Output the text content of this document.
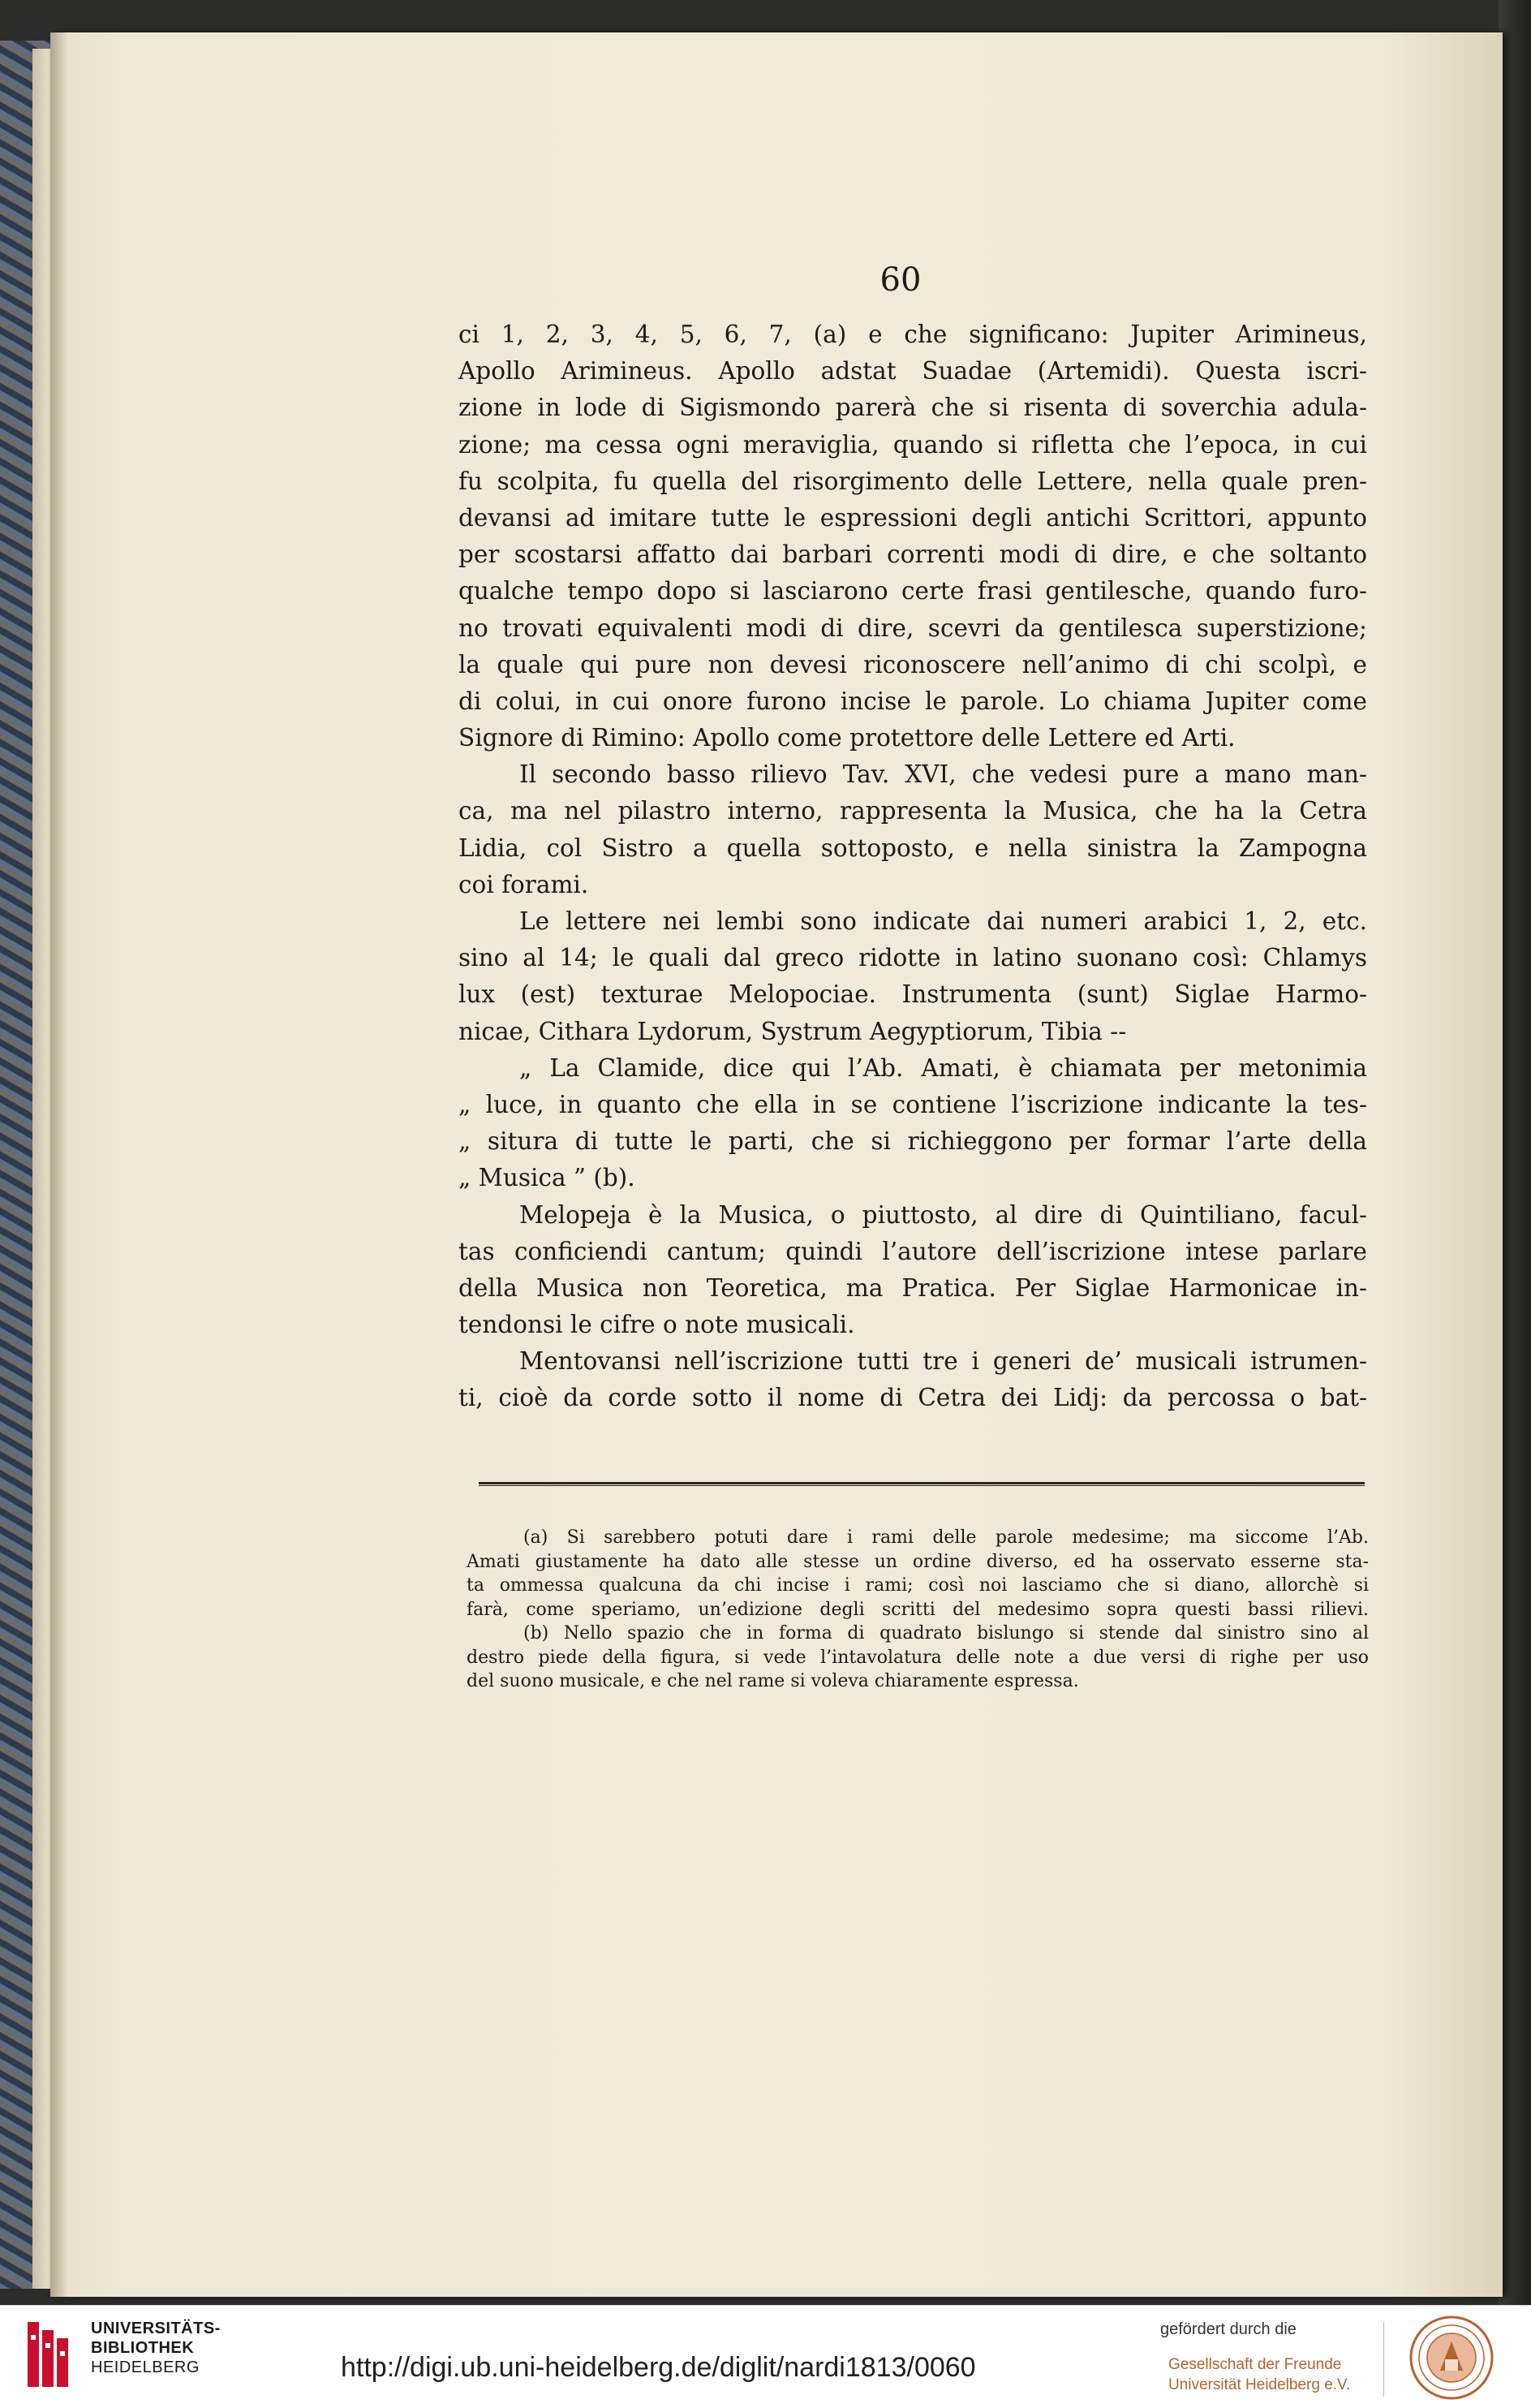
60
ci 1, 2, 3, 4, 5, 6, 7, (a) e che significano: Jupiter Arimineus,
Apollo Arimineus. Apollo adstat Suadae (Artemidi). Questa iscri-
zione in lode di Sigismondo parerà che si risenta di soverchia adula-
zione; ma cessa ogni meraviglia, quando si rifletta che l’epoca, in cui
fu scolpita, fu quella del risorgimento delle Lettere, nella quale pren-
devansi ad imitare tutte le espressioni degli antichi Scrittori, appunto
per scostarsi affatto dai barbari correnti modi di dire, e che soltanto
qualche tempo dopo si lasciarono certe frasi gentilesche, quando furo-
no trovati equivalenti modi di dire, scevri da gentilesca superstizione;
la quale qui pure non devesi riconoscere nell’animo di chi scolpì, e
di colui, in cui onore furono incise le parole. Lo chiama Jupiter come
Signore di Rimino: Apollo come protettore delle Lettere ed Arti.
Il secondo basso rilievo Tav. XVI, che vedesi pure a mano man-
ca, ma nel pilastro interno, rappresenta la Musica, che ha la Cetra
Lidia, col Sistro a quella sottoposto, e nella sinistra la Zampogna
coi forami.
Le lettere nei lembi sono indicate dai numeri arabici 1, 2, etc.
sino al 14; le quali dal greco ridotte in latino suonano così: Chlamys
lux (est) texturae Melopociae. Instrumenta (sunt) Siglae Harmo-
nicae, Cithara Lydorum, Systrum Aegyptiorum, Tibia --
„ La Clamide, dice qui l’Ab. Amati, è chiamata per metonimia
„ luce, in quanto che ella in se contiene l’iscrizione indicante la tes-
„ situra di tutte le parti, che si richieggono per formar l’arte della
„ Musica ” (b).
Melopeja è la Musica, o piuttosto, al dire di Quintiliano, facul-
tas conficiendi cantum; quindi l’autore dell’iscrizione intese parlare
della Musica non Teoretica, ma Pratica. Per Siglae Harmonicae in-
tendonsi le cifre o note musicali.
Mentovansi nell’iscrizione tutti tre i generi de’ musicali istrumen-
ti, cioè da corde sotto il nome di Cetra dei Lidj: da percossa o bat-
(a) Si sarebbero potuti dare i rami delle parole medesime; ma siccome l’Ab.
Amati giustamente ha dato alle stesse un ordine diverso, ed ha osservato esserne sta-
ta ommessa qualcuna da chi incise i rami; così noi lasciamo che si diano, allorchè si
farà, come speriamo, un’edizione degli scritti del medesimo sopra questi bassi rilievi.
(b) Nello spazio che in forma di quadrato bislungo si stende dal sinistro sino al
destro piede della figura, si vede l’intavolatura delle note a due versi di righe per uso
del suono musicale, e che nel rame si voleva chiaramente espressa.
UNIVERSITÄTS-
BIBLIOTHEK
HEIDELBERG	http://digi.ub.uni-heidelberg.de/diglit/nardi1813/0060
gefördert durch die
Gesellschaft der Freunde
Universität Heidelberg e.V.
